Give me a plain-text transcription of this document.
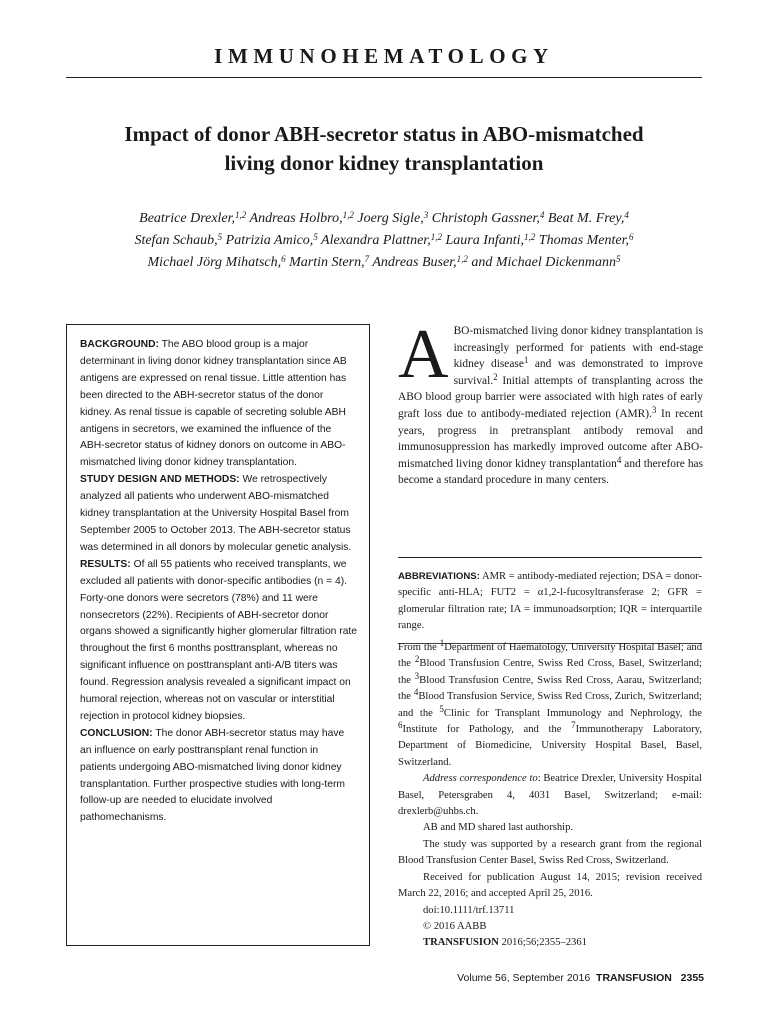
IMMUNOHEMATOLOGY
Impact of donor ABH-secretor status in ABO-mismatched
living donor kidney transplantation
Beatrice Drexler,$^{1,2}$ Andreas Holbro,$^{1,2}$ Joerg Sigle,$^3$ Christoph Gassner,$^4$ Beat M. Frey,$^4$
Stefan Schaub,$^5$ Patrizia Amico,$^5$ Alexandra Plattner,$^{1,2}$ Laura Infanti,$^{1,2}$ Thomas Menter,$^6$
Michael Jörg Mihatsch,$^6$ Martin Stern,$^7$ Andreas Buser,$^{1,2}$ and Michael Dickenmann$^5$

BACKGROUND: The ABO blood group is a major determinant in living donor kidney transplantation since AB antigens are expressed on renal tissue. Little attention has been directed to the ABH-secretor status of the donor kidney. As renal tissue is capable of secreting soluble ABH antigens in secretors, we examined the influence of the ABH-secretor status of kidney donors on outcome in ABO-mismatched living donor kidney transplantation.

STUDY DESIGN AND METHODS: We retrospectively analyzed all patients who underwent ABO-mismatched kidney transplantation at the University Hospital Basel from September 2005 to October 2013. The ABH-secretor status was determined in all donors by molecular genetic analysis.

RESULTS: Of all 55 patients who received transplants, we excluded all patients with donor-specific antibodies (n = 4). Forty-one donors were secretors (78%) and 11 were nonsecretors (22%). Recipients of ABH-secretor donor organs showed a significantly higher glomerular filtration rate throughout the first 6 months posttransplant, whereas no significant influence on posttransplant anti-A/B titers was found. Regression analysis revealed a significant impact on humoral rejection, whereas not on vascular or interstitial rejection in protocol kidney biopsies.

CONCLUSION: The donor ABH-secretor status may have an influence on early posttransplant renal function in patients undergoing ABO-mismatched living donor kidney transplantation. Further prospective studies with long-term follow-up are needed to elucidate involved pathomechanisms.

ABO-mismatched living donor kidney transplantation is increasingly performed for patients with end-stage kidney disease$^1$ and was demonstrated to improve survival.$^2$ Initial attempts of transplanting across the ABO blood group barrier were associated with high rates of early graft loss due to antibody-mediated rejection (AMR).$^3$ In recent years, progress in pretransplant antibody removal and immunosuppression has markedly improved outcome after ABO-mismatched living donor kidney transplantation$^4$ and therefore has become a standard procedure in many centers.
ABBREVIATIONS: AMR = antibody-mediated rejection; DSA = donor-specific anti-HLA; FUT2 = α1,2-l-fucosyltransferase 2; GFR = glomerular filtration rate; IA = immunoadsorption; IQR = interquartile range.

From the $^1$Department of Haematology, University Hospital Basel; and the $^2$Blood Transfusion Centre, Swiss Red Cross, Basel, Switzerland; the $^3$Blood Transfusion Centre, Swiss Red Cross, Aarau, Switzerland; the $^4$Blood Transfusion Service, Swiss Red Cross, Zurich, Switzerland; and the $^5$Clinic for Transplant Immunology and Nephrology, the $^6$Institute for Pathology, and the $^7$Immunotherapy Laboratory, Department of Biomedicine, University Hospital Basel, Basel, Switzerland.

Address correspondence to: Beatrice Drexler, University Hospital Basel, Petersgraben 4, 4031 Basel, Switzerland; e-mail: drexlerb@uhbs.ch.

AB and MD shared last authorship.

The study was supported by a research grant from the regional Blood Transfusion Center Basel, Swiss Red Cross, Switzerland.

Received for publication August 14, 2015; revision received March 22, 2016; and accepted April 25, 2016.

doi:10.1111/trf.13711

© 2016 AABB

TRANSFUSION 2016;56;2355–2361

Volume 56, September 2016 TRANSFUSION 2355
